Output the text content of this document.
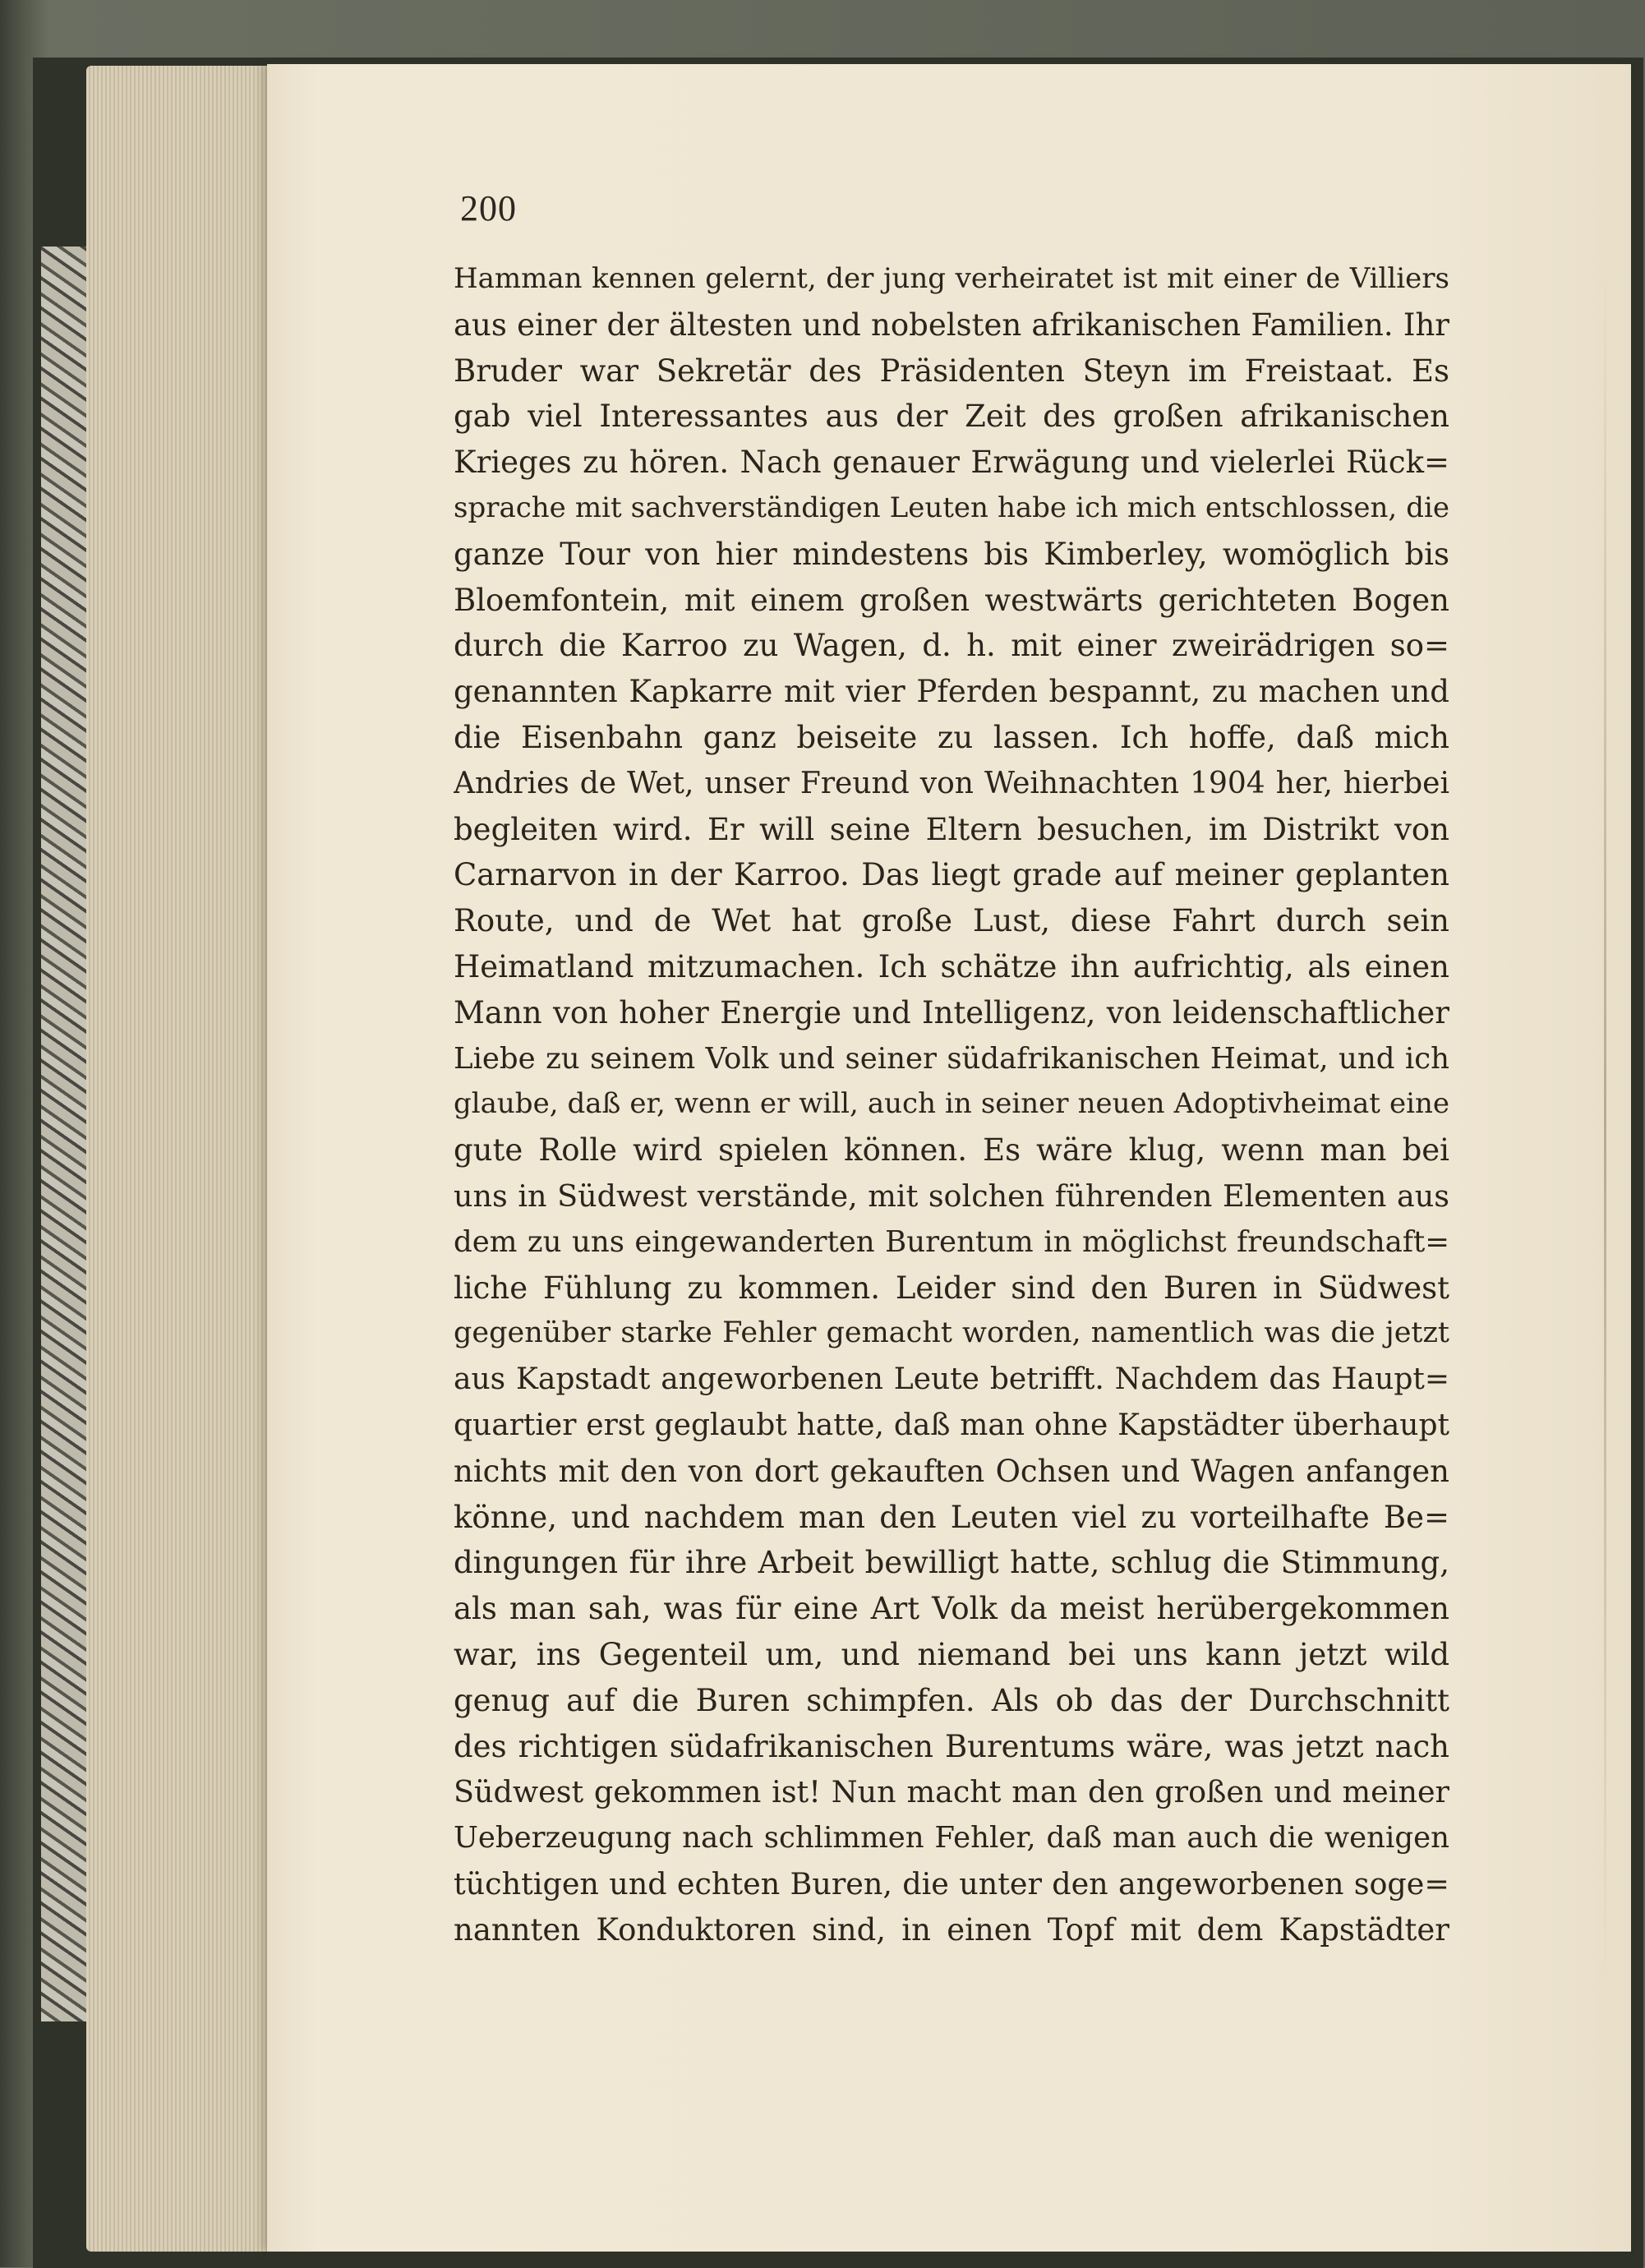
200
Hamman kennen gelernt, der jung verheiratet ist mit einer de Villiers
aus einer der ältesten und nobelsten afrikanischen Familien. Ihr
Bruder war Sekretär des Präsidenten Steyn im Freistaat. Es
gab viel Interessantes aus der Zeit des großen afrikanischen
Krieges zu hören. Nach genauer Erwägung und vielerlei Rück=
sprache mit sachverständigen Leuten habe ich mich entschlossen, die
ganze Tour von hier mindestens bis Kimberley, womöglich bis
Bloemfontein, mit einem großen westwärts gerichteten Bogen
durch die Karroo zu Wagen, d. h. mit einer zweirädrigen so=
genannten Kapkarre mit vier Pferden bespannt, zu machen und
die Eisenbahn ganz beiseite zu lassen. Ich hoffe, daß mich
Andries de Wet, unser Freund von Weihnachten 1904 her, hierbei
begleiten wird. Er will seine Eltern besuchen, im Distrikt von
Carnarvon in der Karroo. Das liegt grade auf meiner geplanten
Route, und de Wet hat große Lust, diese Fahrt durch sein
Heimatland mitzumachen. Ich schätze ihn aufrichtig, als einen
Mann von hoher Energie und Intelligenz, von leidenschaftlicher
Liebe zu seinem Volk und seiner südafrikanischen Heimat, und ich
glaube, daß er, wenn er will, auch in seiner neuen Adoptivheimat eine
gute Rolle wird spielen können. Es wäre klug, wenn man bei
uns in Südwest verstände, mit solchen führenden Elementen aus
dem zu uns eingewanderten Burentum in möglichst freundschaft=
liche Fühlung zu kommen. Leider sind den Buren in Südwest
gegenüber starke Fehler gemacht worden, namentlich was die jetzt
aus Kapstadt angeworbenen Leute betrifft. Nachdem das Haupt=
quartier erst geglaubt hatte, daß man ohne Kapstädter überhaupt
nichts mit den von dort gekauften Ochsen und Wagen anfangen
könne, und nachdem man den Leuten viel zu vorteilhafte Be=
dingungen für ihre Arbeit bewilligt hatte, schlug die Stimmung,
als man sah, was für eine Art Volk da meist herübergekommen
war, ins Gegenteil um, und niemand bei uns kann jetzt wild
genug auf die Buren schimpfen. Als ob das der Durchschnitt
des richtigen südafrikanischen Burentums wäre, was jetzt nach
Südwest gekommen ist! Nun macht man den großen und meiner
Ueberzeugung nach schlimmen Fehler, daß man auch die wenigen
tüchtigen und echten Buren, die unter den angeworbenen soge=
nannten Konduktoren sind, in einen Topf mit dem Kapstädter
